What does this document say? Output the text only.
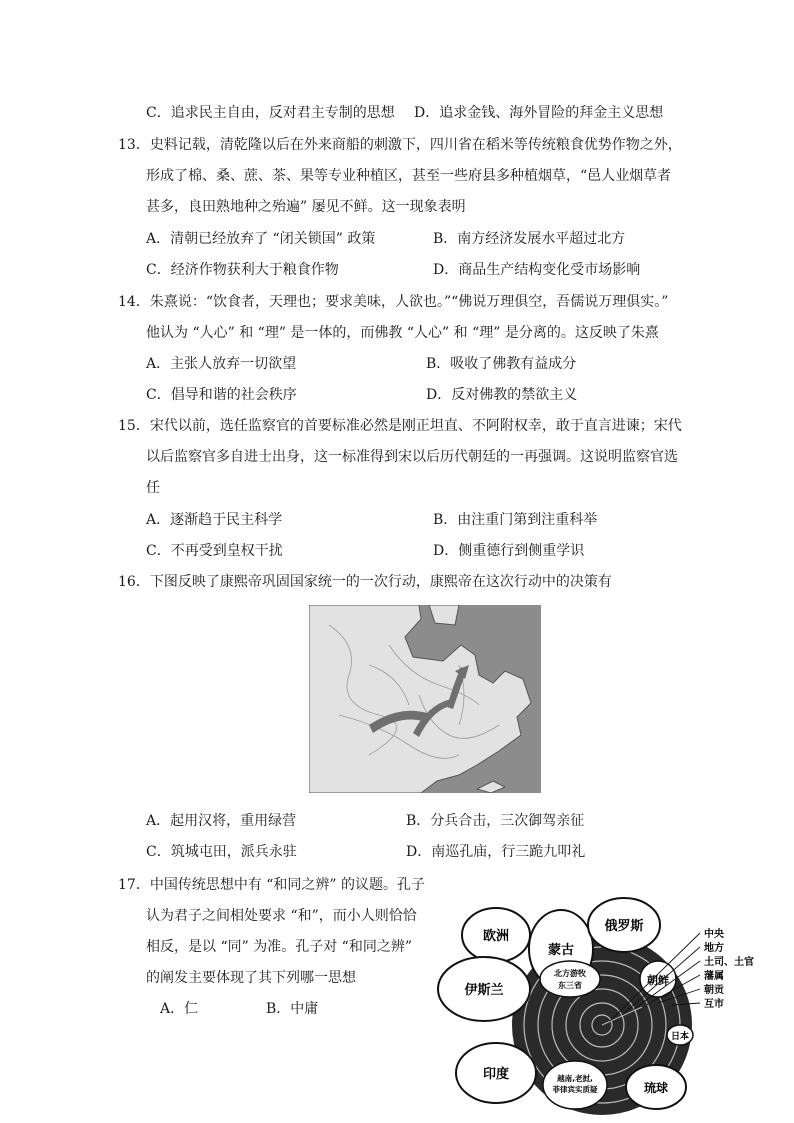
C．追求民主自由，反对君主专制的思想 D．追求金钱、海外冒险的拜金主义思想
13．史料记载，清乾隆以后在外来商船的刺激下，四川省在稻米等传统粮食优势作物之外，
形成了棉、桑、蔗、茶、果等专业种植区，甚至一些府县多种植烟草，“邑人业烟草者
甚多，良田熟地种之殆遍” 屡见不鲜。这一现象表明
A．清朝已经放弃了 “闭关锁国” 政策	B．南方经济发展水平超过北方
C．经济作物获利大于粮食作物	D．商品生产结构变化受市场影响
14．朱熹说：“饮食者，天理也；要求美味，人欲也。”“佛说万理俱空，吾儒说万理俱实。”
他认为 “人心” 和 “理” 是一体的，而佛教 “人心” 和 “理” 是分离的。这反映了朱熹
A．主张人放弃一切欲望	B．吸收了佛教有益成分
C．倡导和谐的社会秩序	D．反对佛教的禁欲主义
15．宋代以前，选任监察官的首要标准必然是刚正坦直、不阿附权幸，敢于直言进谏；宋代
以后监察官多自进士出身，这一标准得到宋以后历代朝廷的一再强调。这说明监察官选
任
A．逐渐趋于民主科学	B．由注重门第到注重科举
C．不再受到皇权干扰	D．侧重德行到侧重学识
16．下图反映了康熙帝巩固国家统一的一次行动，康熙帝在这次行动中的决策有
A．起用汉将，重用绿营	B．分兵合击，三次御驾亲征
C．筑城屯田，派兵永驻	D．南巡孔庙，行三跪九叩礼
17．中国传统思想中有 “和同之辨” 的议题。孔子
认为君子之间相处要求 “和”，而小人则恰恰
相反，是以 “同” 为准。孔子对 “和同之辨”
的阐发主要体现了其下列哪一思想
A．仁	B．中庸
欧洲
蒙古
俄罗斯
伊斯兰
北方游牧
东三省	朝鲜
日本
印度	越南,老挝,
菲律宾实质疑	琉球
中央
地方
土司、土官
藩属
朝贡
互市
